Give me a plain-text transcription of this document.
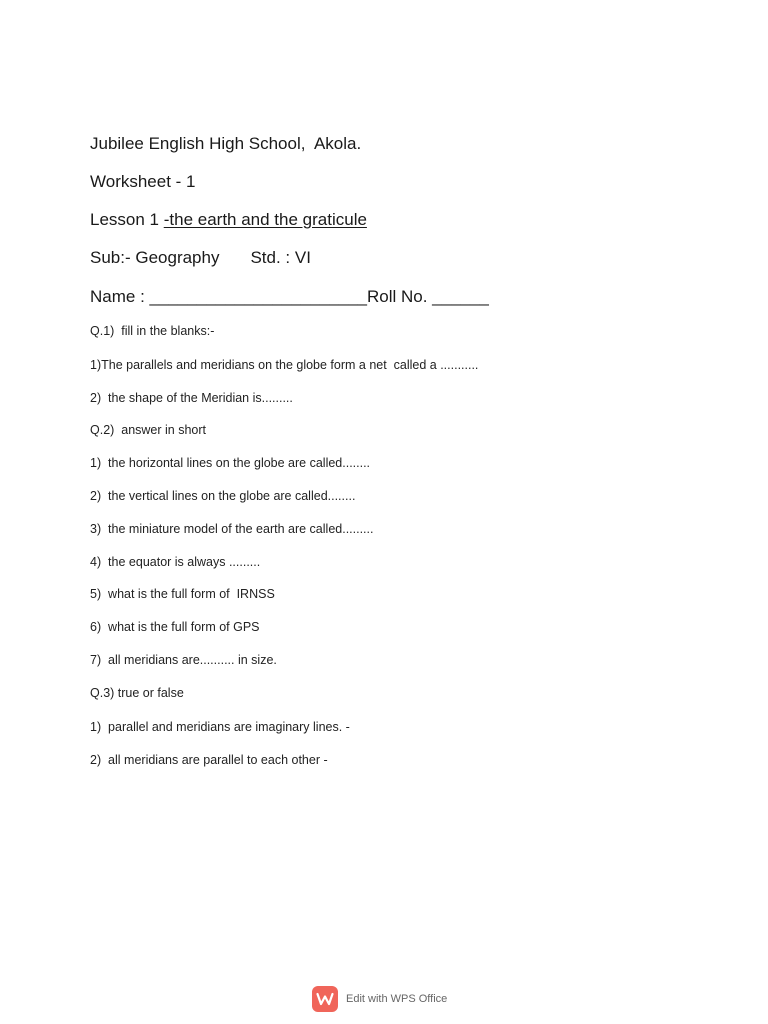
Jubilee English High School,  Akola.
Worksheet - 1
Lesson 1 -the earth and the graticule
Sub:- Geography Std. : VI
Name : _______________________Roll No. ______
Q.1)  fill in the blanks:-
1)The parallels and meridians on the globe form a net  called a ...........
2)  the shape of the Meridian is.........
Q.2)  answer in short
1)  the horizontal lines on the globe are called........
2)  the vertical lines on the globe are called........
3)  the miniature model of the earth are called.........
4)  the equator is always .........
5)  what is the full form of  IRNSS
6)  what is the full form of GPS
7)  all meridians are.......... in size.
Q.3) true or false
1)  parallel and meridians are imaginary lines. -
2)  all meridians are parallel to each other -
Edit with WPS Office
